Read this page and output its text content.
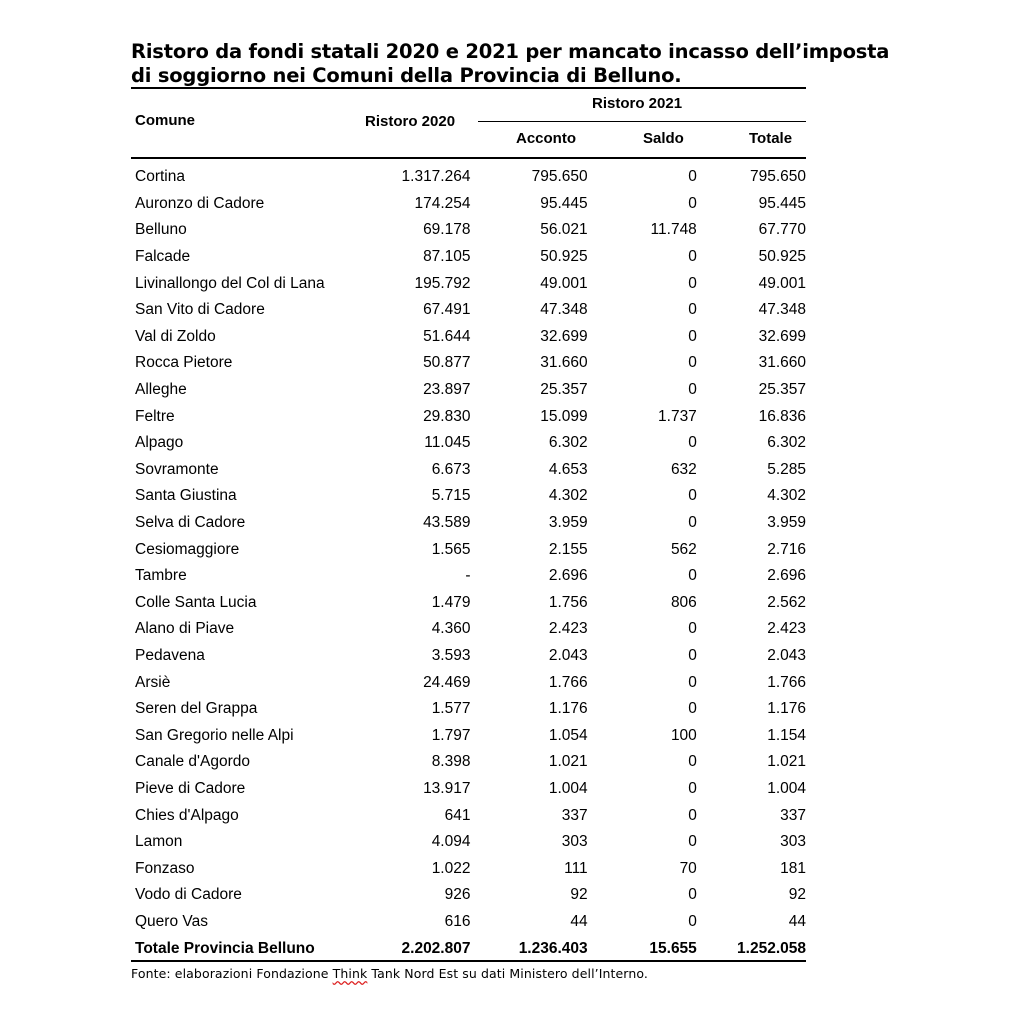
Ristoro da fondi statali 2020 e 2021 per mancato incasso dell’imposta
di soggiorno nei Comuni della Provincia di Belluno.
Comune	Ristoro 2020
Ristoro 2021
Acconto	Saldo	Totale
Cortina	1.317.264	795.650	0	795.650
Auronzo di Cadore	174.254	95.445	0	95.445
Belluno	69.178	56.021	11.748	67.770
Falcade	87.105	50.925	0	50.925
Livinallongo del Col di Lana	195.792	49.001	0	49.001
San Vito di Cadore	67.491	47.348	0	47.348
Val di Zoldo	51.644	32.699	0	32.699
Rocca Pietore	50.877	31.660	0	31.660
Alleghe	23.897	25.357	0	25.357
Feltre	29.830	15.099	1.737	16.836
Alpago	11.045	6.302	0	6.302
Sovramonte	6.673	4.653	632	5.285
Santa Giustina	5.715	4.302	0	4.302
Selva di Cadore	43.589	3.959	0	3.959
Cesiomaggiore	1.565	2.155	562	2.716
Tambre	-	2.696	0	2.696
Colle Santa Lucia	1.479	1.756	806	2.562
Alano di Piave	4.360	2.423	0	2.423
Pedavena	3.593	2.043	0	2.043
Arsiè	24.469	1.766	0	1.766
Seren del Grappa	1.577	1.176	0	1.176
San Gregorio nelle Alpi	1.797	1.054	100	1.154
Canale d'Agordo	8.398	1.021	0	1.021
Pieve di Cadore	13.917	1.004	0	1.004
Chies d'Alpago	641	337	0	337
Lamon	4.094	303	0	303
Fonzaso	1.022	111	70	181
Vodo di Cadore	926	92	0	92
Quero Vas	616	44	0	44
Totale Provincia Belluno	2.202.807	1.236.403	15.655	1.252.058
Fonte: elaborazioni Fondazione Think Tank Nord Est su dati Ministero dell’Interno.
